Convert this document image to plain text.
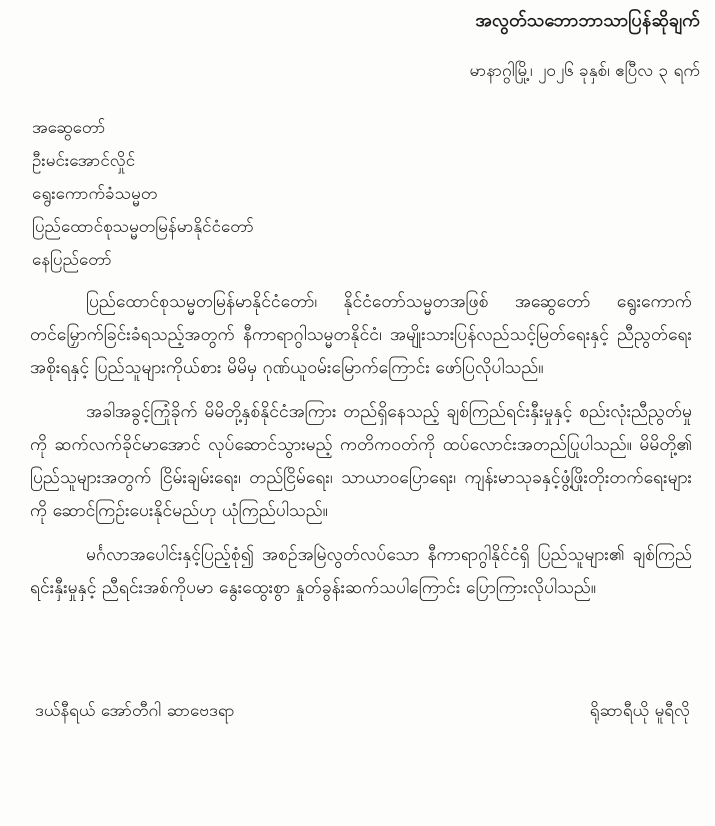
အလွတ်သဘောဘာသာပြန်ဆိုချက်
မာနာဂွါမြို့၊ ၂၀၂၆ ခုနှစ်၊ ဧပြီလ ၃ ရက်
အဆွေတော်
ဦးမင်းအောင်လှိုင်
ရွေးကောက်ခံသမ္မတ
ပြည်ထောင်စုသမ္မတမြန်မာနိုင်ငံတော်
နေပြည်တော်

ပြည်ထောင်စုသမ္မတမြန်မာနိုင်ငံတော်၊ နိုင်ငံတော်သမ္မတအဖြစ် အဆွေတော် ရွေးကောက်တင်မြှောက်ခြင်းခံရသည့်အတွက် နီကာရာဂွါသမ္မတနိုင်ငံ၊ အမျိုးသားပြန်လည်သင့်မြတ်ရေးနှင့် ညီညွတ်ရေးအစိုးရနှင့် ပြည်သူများကိုယ်စား မိမိမှ ဂုဏ်ယူဝမ်းမြောက်ကြောင်း ဖော်ပြလိုပါသည်။

အခါအခွင့်ကြုံခိုက် မိမိတို့နှစ်နိုင်ငံအကြား တည်ရှိနေသည့် ချစ်ကြည်ရင်းနှီးမှုနှင့် စည်းလုံးညီညွတ်မှုကို ဆက်လက်ခိုင်မာအောင် လုပ်ဆောင်သွားမည့် ကတိကဝတ်ကို ထပ်လောင်းအတည်ပြုပါသည်။ မိမိတို့၏ ပြည်သူများအတွက် ငြိမ်းချမ်းရေး၊ တည်ငြိမ်ရေး၊ သာယာဝပြောရေး၊ ကျန်းမာသုခနှင့်ဖွံ့ဖြိုးတိုးတက်ရေးများကို ဆောင်ကြဉ်းပေးနိုင်မည်ဟု ယုံကြည်ပါသည်။

မင်္ဂလာအပေါင်းနှင့်ပြည့်စုံ၍ အစဉ်အမြဲလွတ်လပ်သော နီကာရာဂွါနိုင်ငံရှိ ပြည်သူများ၏ ချစ်ကြည်ရင်းနှီးမှုနှင့် ညီရင်းအစ်ကိုပမာ နွေးထွေးစွာ နှုတ်ခွန်းဆက်သပါကြောင်း ပြောကြားလိုပါသည်။

ဒယ်နီရယ် အော်တီဂါ ဆာဗေဒရာ	ရိုဆာရီယို မူရီလို
